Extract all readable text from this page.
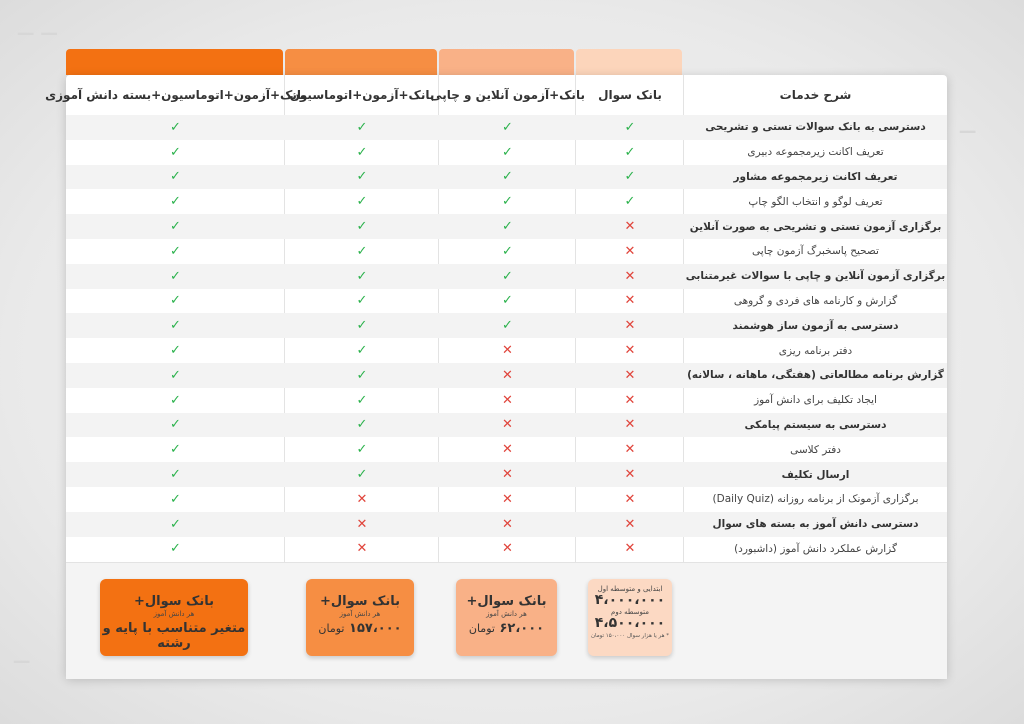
ــ ــ
ــ
ــ
شرح خدمات
بانک سوال
بانک+آزمون آنلاین و چاپی
بانک+آزمون+اتوماسیون
بانک+آزمون+اتوماسیون+بسته دانش آموزی
دسترسی به بانک سوالات تستی و تشریحی
✓
✓
✓
✓
تعریف اکانت زیرمجموعه دبیری
✓
✓
✓
✓
تعریف اکانت زیرمجموعه مشاور
✓
✓
✓
✓
تعریف لوگو و انتخاب الگو چاپ
✓
✓
✓
✓
برگزاری آزمون تستی و تشریحی به صورت آنلاین
✕
✓
✓
✓
تصحیح پاسخبرگ آزمون چاپی
✕
✓
✓
✓
برگزاری آزمون آنلاین و چاپی با سوالات غیرمتنابی
✕
✓
✓
✓
گزارش و کارنامه های فردی و گروهی
✕
✓
✓
✓
دسترسی به آزمون ساز هوشمند
✕
✓
✓
✓
دفتر برنامه ریزی
✕
✕
✓
✓
گزارش برنامه مطالعاتی (هفتگی، ماهانه ، سالانه)
✕
✕
✓
✓
ایجاد تکلیف برای دانش آموز
✕
✕
✓
✓
دسترسی به سیستم پیامکی
✕
✕
✓
✓
دفتر کلاسی
✕
✕
✓
✓
ارسال تکلیف
✕
✕
✓
✓
برگزاری آزمونک از برنامه روزانه (Daily Quiz)
✕
✕
✕
✓
دسترسی دانش آموز به بسته های سوال
✕
✕
✕
✓
گزارش عملکرد دانش آموز (داشبورد)
✕
✕
✕
✓
بانک سوال+
هر دانش آموز
متغیر متناسب با پایه و رشته
بانک سوال+
هر دانش آموز
۱۵۷،۰۰۰ تومان
بانک سوال+
هر دانش آموز
۶۲،۰۰۰ تومان
ابتدایی و متوسطه اول
۴،۰۰۰،۰۰۰
متوسطه دوم
۴،۵۰۰،۰۰۰
* هر یا هزار سوال ۱۵۰،۰۰۰ تومان
